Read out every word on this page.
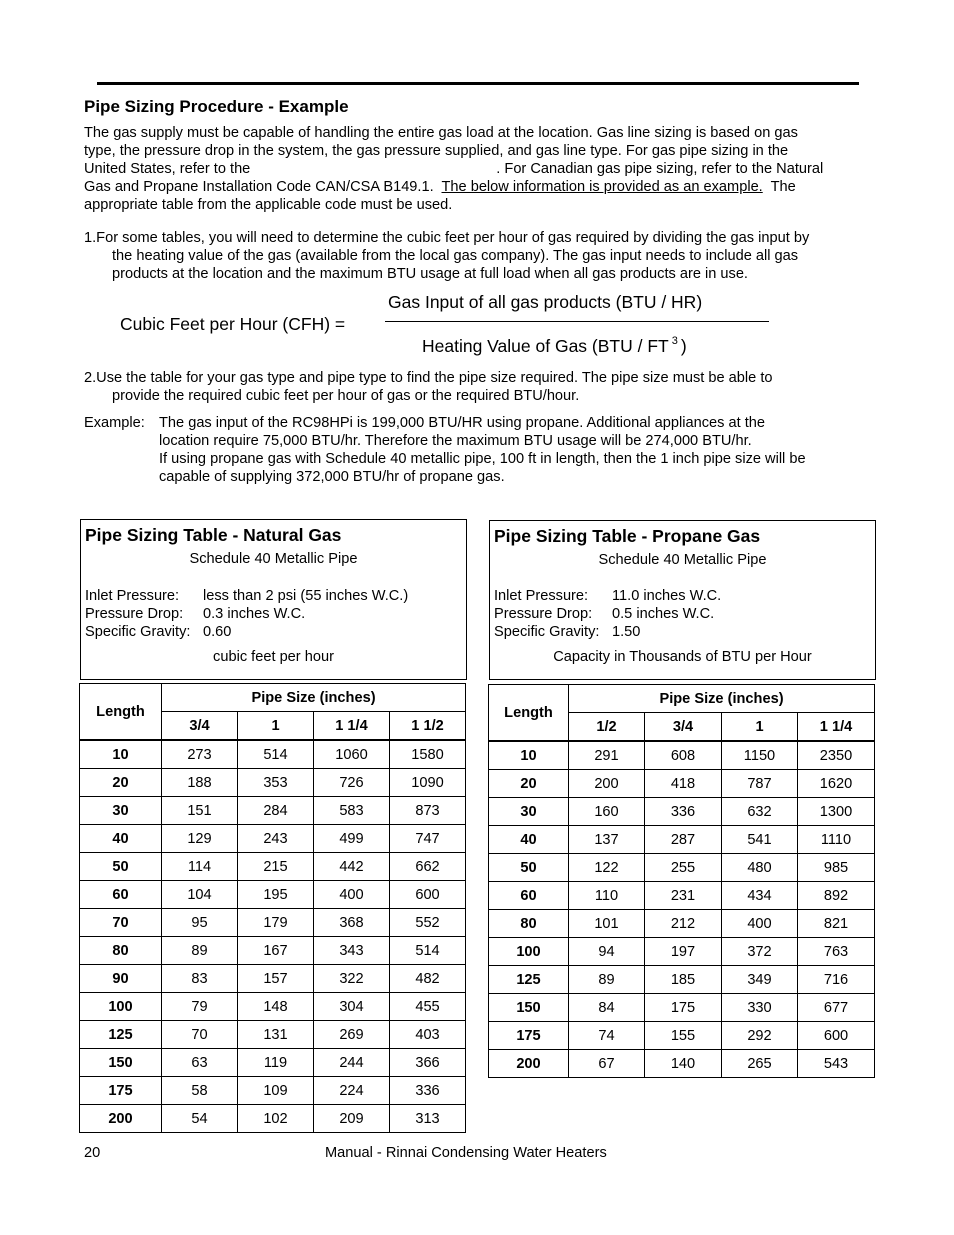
Pipe Sizing Procedure - Example
The gas supply must be capable of handling the entire gas load at the location. Gas line sizing is based on gas
type, the pressure drop in the system, the gas pressure supplied, and gas line type. For gas pipe sizing in the
United States, refer to the	. For Canadian gas pipe sizing, refer to the Natural
Gas and Propane Installation Code CAN/CSA B149.1.  The below information is provided as an example.  The
appropriate table from the applicable code must be used.
1.For some tables, you will need to determine the cubic feet per hour of gas required by dividing the gas input by

the heating value of the gas (available from the local gas company). The gas input needs to include all gas
products at the location and the maximum BTU usage at full load when all gas products are in use.
Cubic Feet per Hour (CFH) =
Gas Input of all gas products (BTU / HR)
Heating Value of Gas (BTU / FT $^3$ )
2.Use the table for your gas type and pipe type to find the pipe size required. The pipe size must be able to

provide the required cubic feet per hour of gas or the required BTU/hour.
Example: The gas input of the RC98HPi is 199,000 BTU/HR using propane. Additional appliances at the
location require 75,000 BTU/hr. Therefore the maximum BTU usage will be 274,000 BTU/hr.
If using propane gas with Schedule 40 metallic pipe, 100 ft in length, then the 1 inch pipe size will be
capable of supplying 372,000 BTU/hr of propane gas.
Pipe Sizing Table - Natural Gas
Schedule 40 Metallic Pipe
Inlet Pressure: less than 2 psi (55 inches W.C.)
Pressure Drop: 0.3 inches W.C.
Specific Gravity: 0.60
cubic feet per hour
Pipe Sizing Table - Propane Gas
Schedule 40 Metallic Pipe
Inlet Pressure: 11.0 inches W.C.
Pressure Drop: 0.5 inches W.C.
Specific Gravity: 1.50
Capacity in Thousands of BTU per Hour
Length	Pipe Size (inches)			
	3/4	1	1 1/4	1 1/2
10	273	514	1060	1580
20	188	353	726	1090
30	151	284	583	873
40	129	243	499	747
50	114	215	442	662
60	104	195	400	600
70	95	179	368	552
80	89	167	343	514
90	83	157	322	482
100	79	148	304	455
125	70	131	269	403
150	63	119	244	366
175	58	109	224	336
200	54	102	209	313
Length	Pipe Size (inches)			
	1/2	3/4	1	1 1/4
10	291	608	1150	2350
20	200	418	787	1620
30	160	336	632	1300
40	137	287	541	1110
50	122	255	480	985
60	110	231	434	892
80	101	212	400	821
100	94	197	372	763
125	89	185	349	716
150	84	175	330	677
175	74	155	292	600
200	67	140	265	543
20	Manual - Rinnai Condensing Water Heaters
